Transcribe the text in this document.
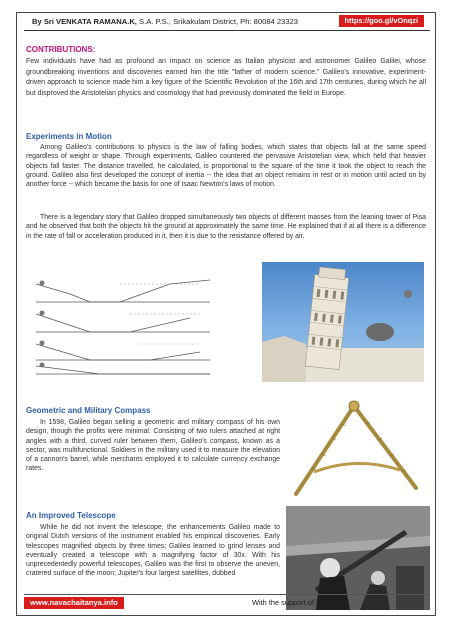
By Sri VENKATA RAMANA.K, S.A. P.S., Srikakulam District, Ph: 80084 23323	https://goo.gl/vOnqzi
CONTRIBUTIONS:

Few individuals have had as profound an impact on science as Italian physicist and astronomer Galileo Galilei, whose groundbreaking inventions and discoveries earned him the title "father of modern science." Galileo's innovative, experiment-driven approach to science made him a key figure of the Scientific Revolution of the 16th and 17th centuries, during which he all but disproved the Aristotelian physics and cosmology that had previously dominated the field in Europe.

Experiments in Motion

Among Galileo's contributions to physics is the law of falling bodies, which states that objects fall at the same speed regardless of weight or shape. Through experiments, Galileo countered the pervasive Aristotelian view, which held that heavier objects fall faster. The distance travelled, he calculated, is proportional to the square of the time it took the object to reach the ground. Galileo also first developed the concept of inertia -- the idea that an object remains in rest or in motion until acted on by another force -- which became the basis for one of Isaac Newton's laws of motion.

There is a legendary story that Galileo dropped simultaneously two objects of different masses from the leaning tower of Pisa and he observed that both the objects hit the ground at approximately the same time. He explained that if at all there is a difference in the rate of fall or acceleration produced in it, then it is due to the resistance offered by air.

Geometric and Military Compass

In 1598, Galileo began selling a geometric and military compass of his own design, though the profits were minimal. Consisting of two rulers attached at right angles with a third, curved ruler between them, Galileo's compass, known as a sector, was multifunctional. Soldiers in the military used it to measure the elevation of a cannon's barrel, while merchants employed it to calculate currency exchange rates.

An Improved Telescope

While he did not invent the telescope, the enhancements Galileo made to original Dutch versions of the instrument enabled his empirical discoveries. Early telescopes magnified objects by three times; Galileo learned to grind lenses and eventually created a telescope with a magnifying factor of 30x. With his unprecedentedly powerful telescopes, Galileo was the first to observe the uneven, cratered surface of the moon; Jupiter's four largest satellites, dubbed

www.navachaitanya.info	With the support of Na
